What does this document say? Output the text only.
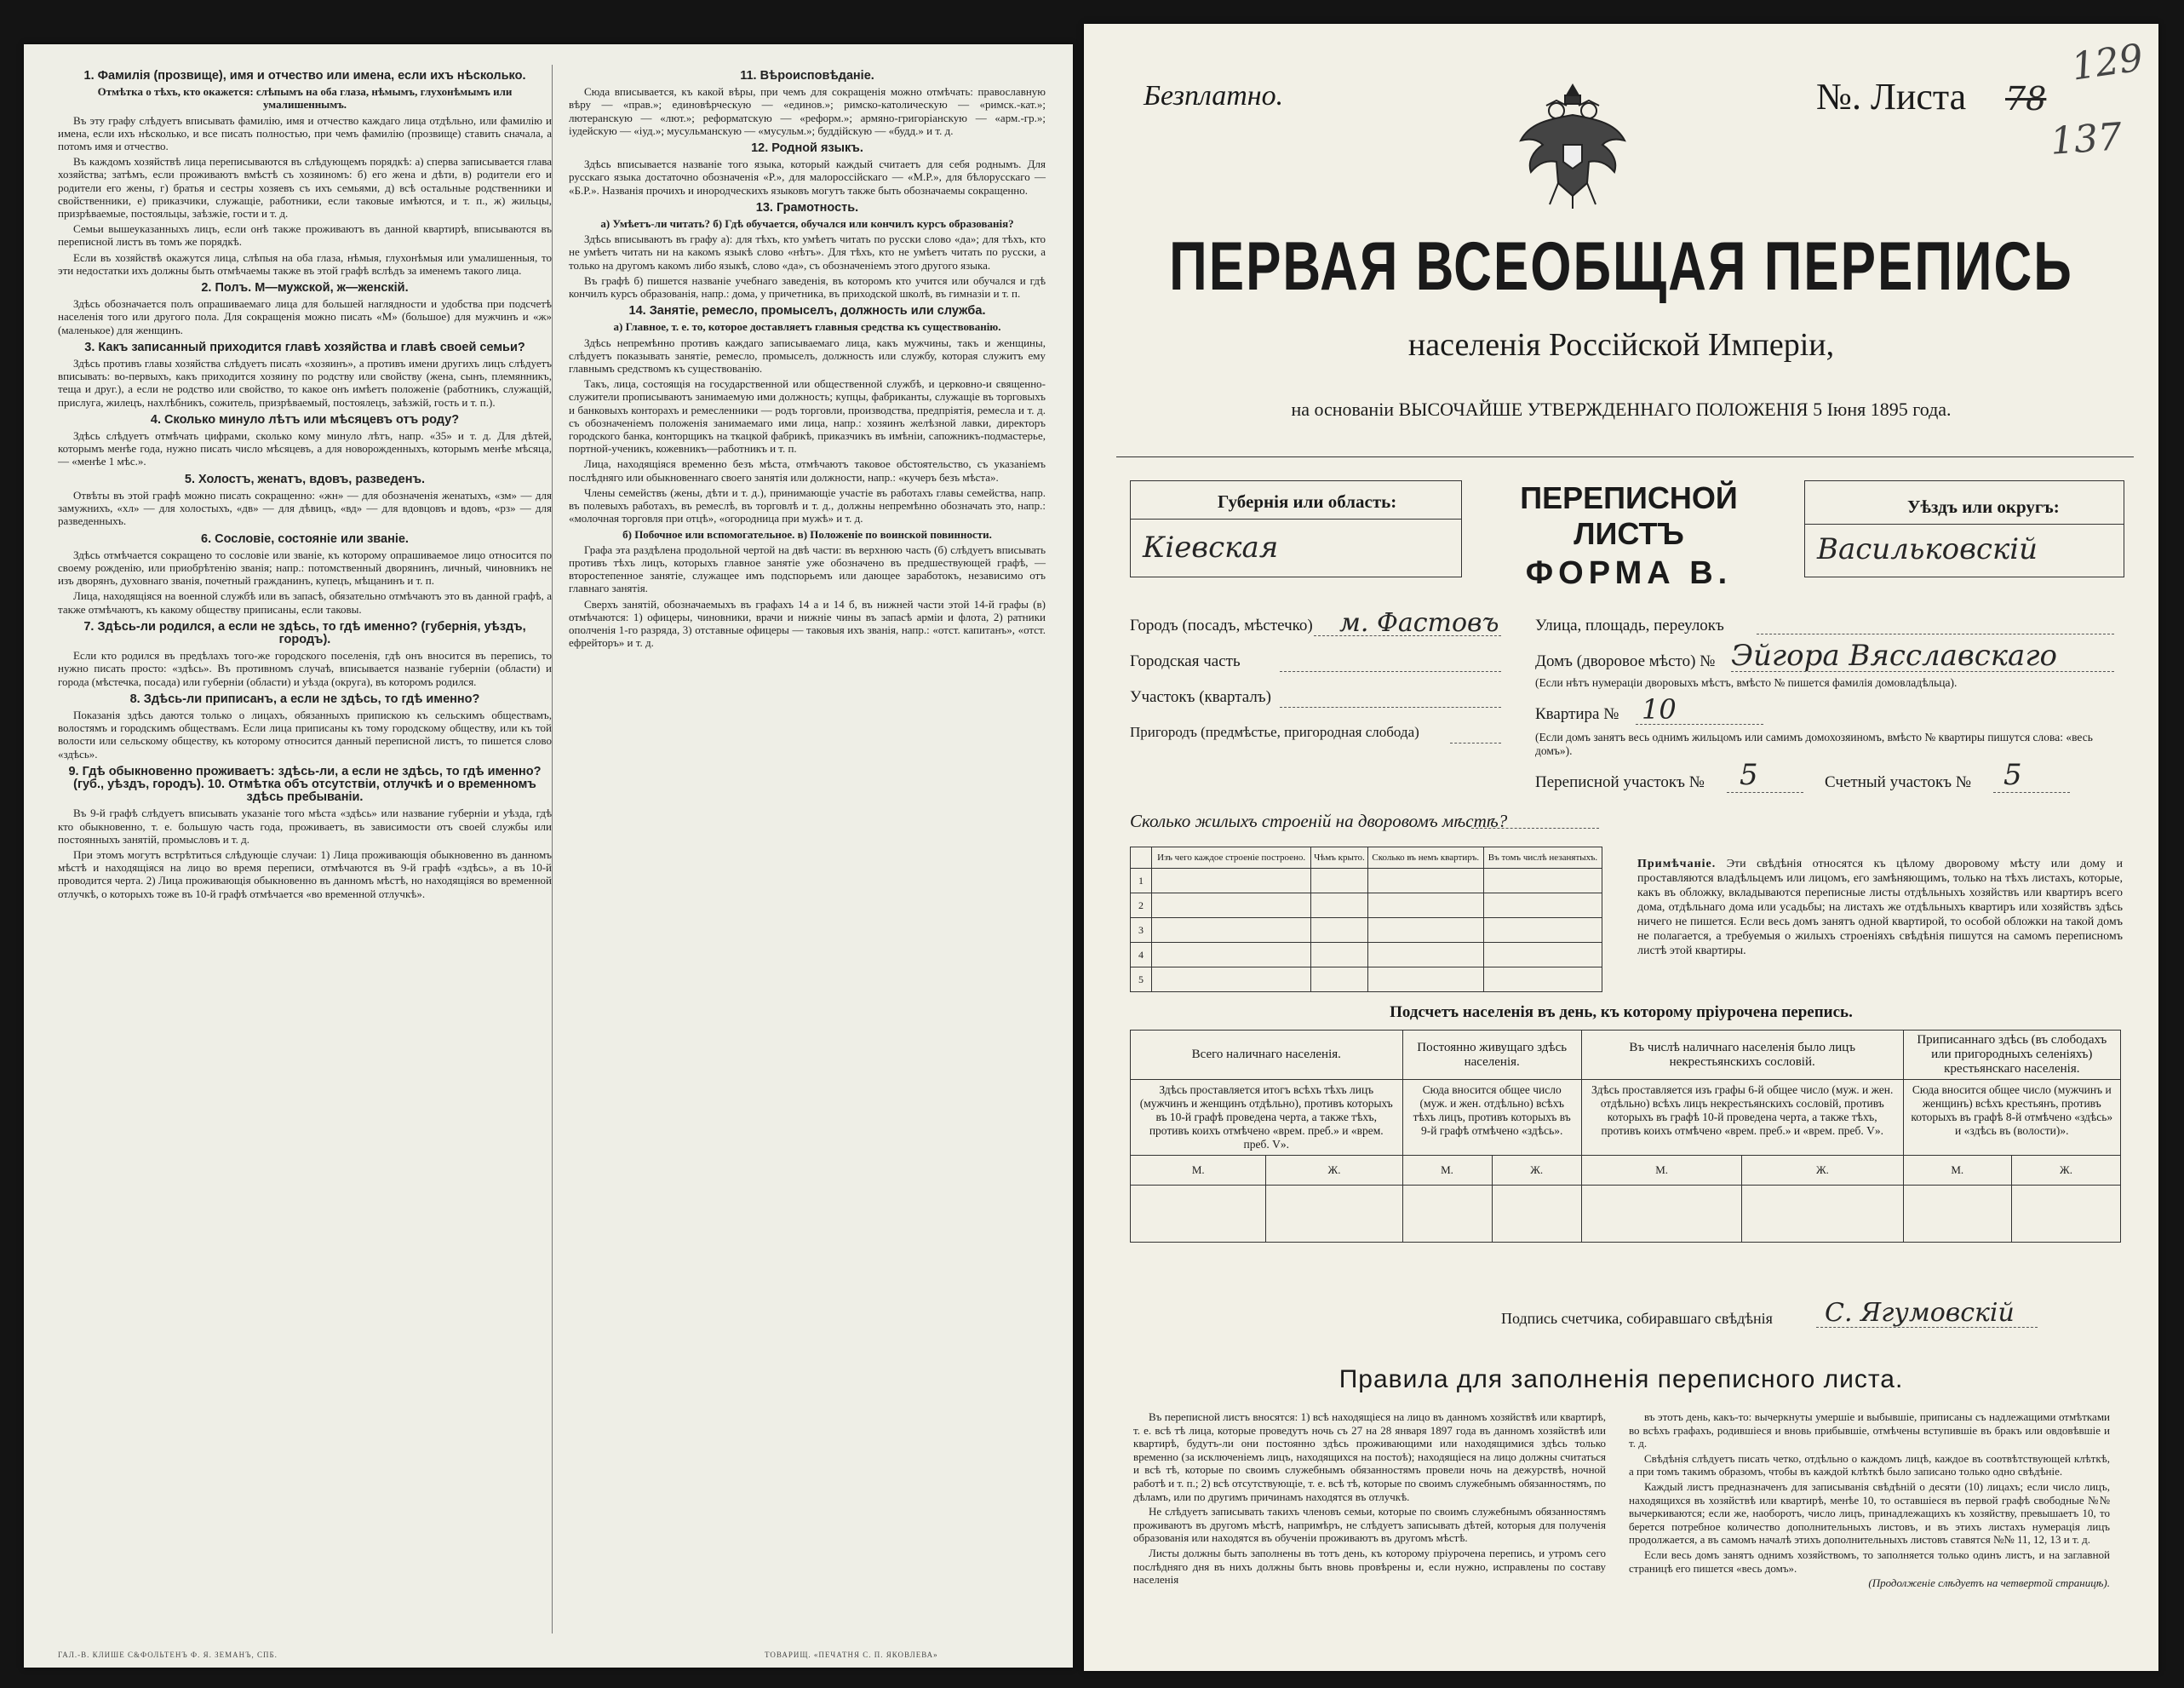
1. Фамилія (прозвище), имя и отчество или имена, если ихъ нѣсколько.
Отмѣтка о тѣхъ, кто окажется: слѣпымъ на оба глаза, нѣмымъ, глухонѣмымъ или умалишеннымъ.

Въ эту графу слѣдуетъ вписывать фамилію, имя и отчество каждаго лица отдѣльно, или фамилію и имена, если ихъ нѣсколько, и все писать полностью, при чемъ фамилію (прозвище) ставить сначала, а потомъ имя и отчество.

Въ каждомъ хозяйствѣ лица переписываются въ слѣдующемъ порядкѣ: а) сперва записывается глава хозяйства; затѣмъ, если проживаютъ вмѣстѣ съ хозяиномъ: б) его жена и дѣти, в) родители его и родители его жены, г) братья и сестры хозяевъ съ ихъ семьями, д) всѣ остальные родственники и свойственники, е) приказчики, служащіе, работники, если таковые имѣются, и т. п., ж) жильцы, призрѣваемые, постояльцы, заѣзжіе, гости и т. д.

Семьи вышеуказанныхъ лицъ, если онѣ также проживаютъ въ данной квартирѣ, вписываются въ переписной листъ въ томъ же порядкѣ.

Если въ хозяйствѣ окажутся лица, слѣпыя на оба глаза, нѣмыя, глухонѣмыя или умалишенныя, то эти недостатки ихъ должны быть отмѣчаемы также въ этой графѣ вслѣдъ за именемъ такого лица.

2. Полъ. М—мужской, ж—женскій.

Здѣсь обозначается полъ опрашиваемаго лица для большей наглядности и удобства при подсчетѣ населенія того или другого пола. Для сокращенія можно писать «М» (большое) для мужчинъ и «ж» (маленькое) для женщинъ.

3. Какъ записанный приходится главѣ хозяйства и главѣ своей семьи?

Здѣсь противъ главы хозяйства слѣдуетъ писать «хозяинъ», а противъ имени другихъ лицъ слѣдуетъ вписывать: во-первыхъ, какъ приходится хозяину по родству или свойству (жена, сынъ, племянникъ, теща и друг.), а если не родство или свойство, то какое онъ имѣетъ положеніе (работникъ, служащій, прислуга, жилецъ, нахлѣбникъ, сожитель, призрѣваемый, постоялецъ, заѣзжій, гость и т. п.).

4. Сколько минуло лѣтъ или мѣсяцевъ отъ роду?

Здѣсь слѣдуетъ отмѣчать цифрами, сколько кому минуло лѣтъ, напр. «35» и т. д. Для дѣтей, которымъ менѣе года, нужно писать число мѣсяцевъ, а для новорожденныхъ, которымъ менѣе мѣсяца, — «менѣе 1 мѣс.».

5. Холостъ, женатъ, вдовъ, разведенъ.

Отвѣты въ этой графѣ можно писать сокращенно: «жн» — для обозначенія женатыхъ, «зм» — для замужнихъ, «хл» — для холостыхъ, «дв» — для дѣвицъ, «вд» — для вдовцовъ и вдовъ, «рз» — для разведенныхъ.

6. Сословіе, состояніе или званіе.

Здѣсь отмѣчается сокращено то сословіе или званіе, къ которому опрашиваемое лицо относится по своему рожденію, или приобрѣтенію званія; напр.: потомственный дворянинъ, личный, чиновникъ не изъ дворянъ, духовнаго званія, почетный гражданинъ, купецъ, мѣщанинъ и т. п.

Лица, находящіяся на военной службѣ или въ запасѣ, обязательно отмѣчаютъ это въ данной графѣ, а также отмѣчаютъ, къ какому обществу приписаны, если таковы.

7. Здѣсь-ли родился, а если не здѣсь, то гдѣ именно? (губернія, уѣздъ, городъ).

Если кто родился въ предѣлахъ того-же городского поселенія, гдѣ онъ вносится въ перепись, то нужно писать просто: «здѣсь». Въ противномъ случаѣ, вписывается названіе губерніи (области) и города (мѣстечка, посада) или губерніи (области) и уѣзда (округа), въ которомъ родился.

8. Здѣсь-ли приписанъ, а если не здѣсь, то гдѣ именно?

Показанія здѣсь даются только о лицахъ, обязанныхъ припискою къ сельскимъ обществамъ, волостямъ и городскимъ обществамъ. Если лица приписаны къ тому городскому обществу, или къ той волости или сельскому обществу, къ которому относится данный переписной листъ, то пишется слово «здѣсь».

9. Гдѣ обыкновенно проживаетъ: здѣсь-ли, а если не здѣсь, то гдѣ именно? (губ., уѣздъ, городъ). 10. Отмѣтка объ отсутствіи, отлучкѣ и о временномъ здѣсь пребываніи.

Въ 9-й графѣ слѣдуетъ вписывать указаніе того мѣста «здѣсь» или название губерніи и уѣзда, гдѣ кто обыкновенно, т. е. большую часть года, проживаетъ, въ зависимости отъ своей службы или постоянныхъ занятій, промысловъ и т. д.

При этомъ могутъ встрѣтиться слѣдующіе случаи: 1) Лица проживающія обыкновенно въ данномъ мѣстѣ и находящіяся на лицо во время переписи, отмѣчаются въ 9-й графѣ «здѣсь», а въ 10-й проводится черта. 2) Лица проживающія обыкновенно въ данномъ мѣстѣ, но находящіяся во временной отлучкѣ, о которыхъ тоже въ 10-й графѣ отмѣчается «во временной отлучкѣ».

11. Вѣроисповѣданіе.

Сюда вписывается, къ какой вѣры, при чемъ для сокращенія можно отмѣчать: православную вѣру — «прав.»; единовѣрческую — «единов.»; римско-католическую — «римск.-кат.»; лютеранскую — «лют.»; реформатскую — «реформ.»; армяно-григоріанскую — «арм.-гр.»; іудейскую — «іуд.»; мусульманскую — «мусульм.»; буддійскую — «будд.» и т. д.

12. Родной языкъ.

Здѣсь вписывается названіе того языка, который каждый считаетъ для себя роднымъ. Для русскаго языка достаточно обозначенія «Р.», для малороссійскаго — «М.Р.», для бѣлорусскаго — «Б.Р.». Названія прочихъ и инородческихъ языковъ могутъ также быть обозначаемы сокращенно.

13. Грамотность.
а) Умѣетъ-ли читать? б) Гдѣ обучается, обучался или кончилъ курсъ образованія?

Здѣсь вписываютъ въ графу а): для тѣхъ, кто умѣетъ читать по русски слово «да»; для тѣхъ, кто не умѣетъ читать ни на какомъ языкѣ слово «нѣтъ». Для тѣхъ, кто не умѣетъ читать по русски, а только на другомъ какомъ либо языкѣ, слово «да», съ обозначеніемъ этого другого языка.

Въ графѣ б) пишется названіе учебнаго заведенія, въ которомъ кто учится или обучался и гдѣ кончилъ курсъ образованія, напр.: дома, у причетника, въ приходской школѣ, въ гимназіи и т. п.

14. Занятіе, ремесло, промыселъ, должность или служба.
а) Главное, т. е. то, которое доставляетъ главныя средства къ существованію.

Здѣсь непремѣнно противъ каждаго записываемаго лица, какъ мужчины, такъ и женщины, слѣдуетъ показывать занятіе, ремесло, промыселъ, должность или службу, которая служитъ ему главнымъ средствомъ къ существованію.

Такъ, лица, состоящія на государственной или общественной службѣ, и церковно-и священно-служители прописываютъ занимаемую ими должность; купцы, фабриканты, служащіе въ торговыхъ и банковыхъ конторахъ и ремесленники — родъ торговли, производства, предпріятія, ремесла и т. д. съ обозначеніемъ положенія занимаемаго ими лица, напр.: хозяинъ желѣзной лавки, директоръ городского банка, конторщикъ на ткацкой фабрикѣ, приказчикъ въ имѣніи, сапожникъ-подмастерье, портной-ученикъ, кожевникъ—работникъ и т. п.

Лица, находящіяся временно безъ мѣста, отмѣчаютъ таковое обстоятельство, съ указаніемъ послѣдняго или обыкновеннаго своего занятія или должности, напр.: «кучеръ безъ мѣста».

Члены семействъ (жены, дѣти и т. д.), принимающіе участіе въ работахъ главы семейства, напр. въ полевыхъ работахъ, въ ремеслѣ, въ торговлѣ и т. д., должны непремѣнно обозначать это, напр.: «молочная торговля при отцѣ», «огородница при мужѣ» и т. д.

б) Побочное или вспомогательное. в) Положеніе по воинской повинности.

Графа эта раздѣлена продольной чертой на двѣ части: въ верхнюю часть (б) слѣдуетъ вписывать противъ тѣхъ лицъ, которыхъ главное занятіе уже обозначено въ предшествующей графѣ, — второстепенное занятіе, служащее имъ подспорьемъ или дающее заработокъ, независимо отъ главнаго занятія.

Сверхъ занятій, обозначаемыхъ въ графахъ 14 а и 14 б, въ нижней части этой 14-й графы (в) отмѣчаются: 1) офицеры, чиновники, врачи и нижніе чины въ запасѣ арміи и флота, 2) ратники ополченія 1-го разряда, 3) отставные офицеры — таковыя ихъ званія, напр.: «отст. капитанъ», «отст. ефрейторъ» и т. д.

ГАЛ.-В. КЛИШЕ С&ФОЛЬТЕНЪ Ф. Я. ЗЕМАНЪ, СПБ.	ТОВАРИЩ. «ПЕЧАТНЯ С. П. ЯКОВЛЕВА»
Безплатно.	№. Листа 78
129
137
ПЕРВАЯ ВСЕОБЩАЯ ПЕРЕПИСЬ
населенія Россійской Имперіи,
на основаніи ВЫСОЧАЙШЕ УТВЕРЖДЕННАГО ПОЛОЖЕНІЯ 5 Іюня 1895 года.
Губернія или область:
Кіевская
ПЕРЕПИСНОЙ ЛИСТЪ
ФОРМА В.
Уѣздъ или округъ:
Васильковскій
Городъ (посадъ, мѣстечко) м. Фастовъ
Городская часть
Участокъ (кварталъ)
Пригородъ (предмѣстье, пригородная слобода)
Улица, площадь, переулокъ
Домъ (дворовое мѣсто) № Эйгора Вясславскаго
(Если нѣтъ нумераціи дворовыхъ мѣстъ, вмѣсто № пишется фамилія домовладѣльца).
Квартира № 10
(Если домъ занятъ весь однимъ жильцомъ или самимъ домохозяиномъ, вмѣсто № квартиры пишутся слова: «весь домъ»).
Переписной участокъ № 5	Счетный участокъ № 5
Сколько жилыхъ строеній на дворовомъ мѣстѣ?
	Изъ чего каждое строеніе построено.	Чѣмъ крыто.	Сколько въ немъ квартиръ.	Въ томъ числѣ незанятыхъ.
1				
2				
3				
4				
5				
Примѣчаніе. Эти свѣдѣнія относятся къ цѣлому дворовому мѣсту или дому и проставляются владѣльцемъ или лицомъ, его замѣняющимъ, только на тѣхъ листахъ, которые, какъ въ обложку, вкладываются переписные листы отдѣльныхъ хозяйствъ или квартиръ всего дома, отдѣльнаго дома или усадьбы; на листахъ же отдѣльныхъ квартиръ или хозяйствъ здѣсь ничего не пишется. Если весь домъ занятъ одной квартирой, то особой обложки на такой домъ не полагается, а требуемыя о жилыхъ строеніяхъ свѣдѣнія пишутся на самомъ переписномъ листѣ этой квартиры.
Подсчетъ населенія въ день, къ которому пріурочена перепись.
Всего наличнаго населенія.		Постоянно живущаго здѣсь населенія.		Въ числѣ наличнаго населенія было лицъ некрестьянскихъ сословій.		Приписаннаго здѣсь (въ слободахъ или пригородныхъ селеніяхъ) крестьянскаго населенія.	
Здѣсь проставляется итогъ всѣхъ тѣхъ лицъ (мужчинъ и женщинъ отдѣльно), противъ которыхъ въ 10-й графѣ проведена черта, а также тѣхъ, противъ коихъ отмѣчено «врем. преб.» и «врем. преб. V».		Сюда вносится общее число (муж. и жен. отдѣльно) всѣхъ тѣхъ лицъ, противъ которыхъ въ 9-й графѣ отмѣчено «здѣсь».		Здѣсь проставляется изъ графы 6-й общее число (муж. и жен. отдѣльно) всѣхъ лицъ некрестьянскихъ сословій, противъ которыхъ въ графѣ 10-й проведена черта, а также тѣхъ, противъ коихъ отмѣчено «врем. преб.» и «врем. преб. V».		Сюда вносится общее число (мужчинъ и женщинъ) всѣхъ крестьянъ, противъ которыхъ въ графѣ 8-й отмѣчено «здѣсь» и «здѣсь въ (волости)».	
М.	Ж.	М.	Ж.	М.	Ж.	М.	Ж.

Подпись счетчика, собиравшаго свѣдѣнія С. Ягумовскій
Правила для заполненія переписного листа.

Въ переписной листъ вносятся: 1) всѣ находящіеся на лицо въ данномъ хозяйствѣ или квартирѣ, т. е. всѣ тѣ лица, которые проведутъ ночь съ 27 на 28 января 1897 года въ данномъ хозяйствѣ или квартирѣ, будутъ-ли они постоянно здѣсь проживающими или находящимися здѣсь только временно (за исключеніемъ лицъ, находящихся на постоѣ); находящіеся на лицо должны считаться и всѣ тѣ, которые по своимъ служебнымъ обязанностямъ провели ночь на дежурствѣ, ночной работѣ и т. п.; 2) всѣ отсутствующіе, т. е. всѣ тѣ, которые по своимъ служебнымъ обязанностямъ, по дѣламъ, или по другимъ причинамъ находятся въ отлучкѣ.

Не слѣдуетъ записывать такихъ членовъ семьи, которые по своимъ служебнымъ обязанностямъ проживаютъ въ другомъ мѣстѣ, напримѣръ, не слѣдуетъ записывать дѣтей, которыя для полученія образованія или находятся въ обученіи проживаютъ въ другомъ мѣстѣ.

Листы должны быть заполнены въ тотъ день, къ которому пріурочена перепись, и утромъ сего послѣдняго дня въ нихъ должны быть вновь провѣрены и, если нужно, исправлены по составу населенія

въ этотъ день, какъ-то: вычеркнуты умершіе и выбывшіе, приписаны съ надлежащими отмѣтками во всѣхъ графахъ, родившіеся и вновь прибывшіе, отмѣчены вступившіе въ бракъ или овдовѣвшіе и т. д.

Свѣдѣнія слѣдуетъ писать четко, отдѣльно о каждомъ лицѣ, каждое въ соотвѣтствующей клѣткѣ, а при томъ такимъ образомъ, чтобы въ каждой клѣткѣ было записано только одно свѣдѣніе.

Каждый листъ предназначенъ для записыванія свѣдѣній о десяти (10) лицахъ; если число лицъ, находящихся въ хозяйствѣ или квартирѣ, менѣе 10, то оставшіеся въ первой графѣ свободные №№ вычеркиваются; если же, наоборотъ, число лицъ, принадлежащихъ къ хозяйству, превышаетъ 10, то берется потребное количество дополнительныхъ листовъ, и въ этихъ листахъ нумерація лицъ продолжается, а въ самомъ началѣ этихъ дополнительныхъ листовъ ставятся №№ 11, 12, 13 и т. д.

Если весь домъ занятъ однимъ хозяйствомъ, то заполняется только одинъ листъ, и на заглавной страницѣ его пишется «весь домъ».

(Продолженіе слѣдуетъ на четвертой страницѣ).
